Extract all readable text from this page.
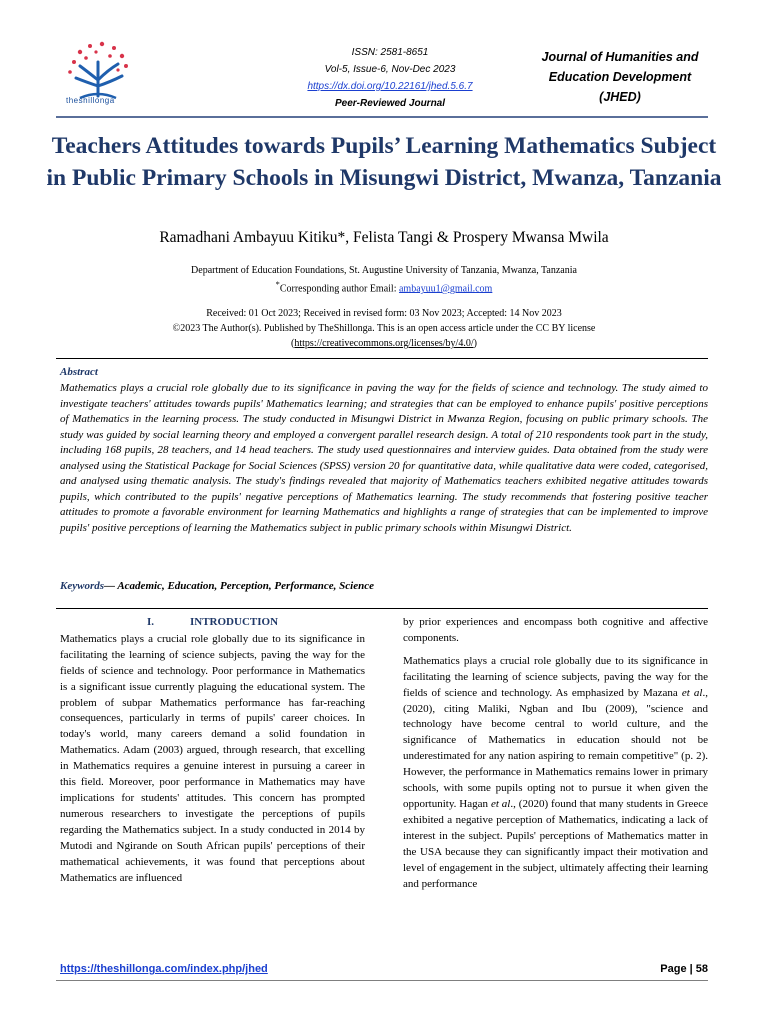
theshillonga
ISSN: 2581-8651
Vol-5, Issue-6, Nov-Dec 2023
https://dx.doi.org/10.22161/jhed.5.6.7
Peer-Reviewed Journal
Journal of Humanities and
Education Development
(JHED)
Teachers Attitudes towards Pupils’ Learning Mathematics Subject in Public Primary Schools in Misungwi District, Mwanza, Tanzania
Ramadhani Ambayuu Kitiku*, Felista Tangi & Prospery Mwansa Mwila
Department of Education Foundations, St. Augustine University of Tanzania, Mwanza, Tanzania
*Corresponding author Email: ambayuu1@gmail.com
Received: 01 Oct 2023; Received in revised form: 03 Nov 2023; Accepted: 14 Nov 2023
©2023 The Author(s). Published by TheShillonga. This is an open access article under the CC BY license
(https://creativecommons.org/licenses/by/4.0/)
Abstract
Mathematics plays a crucial role globally due to its significance in paving the way for the fields of science and technology. The study aimed to investigate teachers' attitudes towards pupils' Mathematics learning; and strategies that can be employed to enhance pupils' positive perceptions of Mathematics in the learning process. The study conducted in Misungwi District in Mwanza Region, focusing on public primary schools. The study was guided by social learning theory and employed a convergent parallel research design. A total of 210 respondents took part in the study, including 168 pupils, 28 teachers, and 14 head teachers. The study used questionnaires and interview guides. Data obtained from the study were analysed using the Statistical Package for Social Sciences (SPSS) version 20 for quantitative data, while qualitative data were coded, categorised, and analysed using thematic analysis. The study's findings revealed that majority of Mathematics teachers exhibited negative attitudes towards pupils, which contributed to the pupils' negative perceptions of Mathematics learning. The study recommends that fostering positive teacher attitudes to promote a favorable environment for learning Mathematics and highlights a range of strategies that can be implemented to improve pupils' positive perceptions of learning the Mathematics subject in public primary schools within Misungwi District.
Keywords— Academic, Education, Perception, Performance, Science
I.	INTRODUCTION

Mathematics plays a crucial role globally due to its significance in facilitating the learning of science subjects, paving the way for the fields of science and technology. Poor performance in Mathematics is a significant issue currently plaguing the educational system. The problem of subpar Mathematics performance has far-reaching consequences, particularly in terms of pupils' career choices. In today's world, many careers demand a solid foundation in Mathematics. Adam (2003) argued, through research, that excelling in Mathematics requires a genuine interest in pursuing a career in this field. Moreover, poor performance in Mathematics may have implications for students' attitudes. This concern has prompted numerous researchers to investigate the perceptions of pupils regarding the Mathematics subject. In a study conducted in 2014 by Mutodi and Ngirande on South African pupils' perceptions of their mathematical achievements, it was found that perceptions about Mathematics are influenced

by prior experiences and encompass both cognitive and affective components.

Mathematics plays a crucial role globally due to its significance in facilitating the learning of science subjects, paving the way for the fields of science and technology. As emphasized by Mazana et al., (2020), citing Maliki, Ngban and Ibu (2009), "science and technology have become central to world culture, and the significance of Mathematics in education should not be underestimated for any nation aspiring to remain competitive" (p. 2). However, the performance in Mathematics remains lower in primary schools, with some pupils opting not to pursue it when given the opportunity. Hagan et al., (2020) found that many students in Greece exhibited a negative perception of Mathematics, indicating a lack of interest in the subject. Pupils' perceptions of Mathematics matter in the USA because they can significantly impact their motivation and level of engagement in the subject, ultimately affecting their learning and performance

https://theshillonga.com/index.php/jhed	Page | 58
